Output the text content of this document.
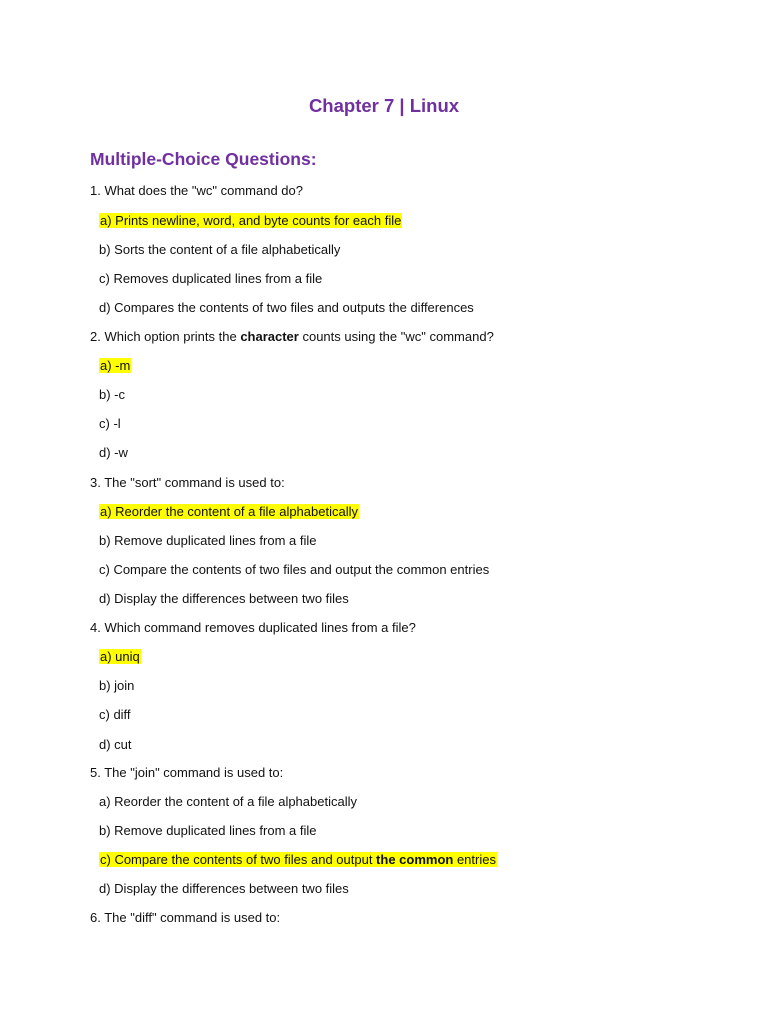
Chapter 7 | Linux
Multiple-Choice Questions:
1. What does the "wc" command do?
a) Prints newline, word, and byte counts for each file
b) Sorts the content of a file alphabetically
c) Removes duplicated lines from a file
d) Compares the contents of two files and outputs the differences
2. Which option prints the character counts using the "wc" command?
a) -m
b) -c
c) -l
d) -w
3. The "sort" command is used to:
a) Reorder the content of a file alphabetically
b) Remove duplicated lines from a file
c) Compare the contents of two files and output the common entries
d) Display the differences between two files
4. Which command removes duplicated lines from a file?
a) uniq
b) join
c) diff
d) cut
5. The "join" command is used to:
a) Reorder the content of a file alphabetically
b) Remove duplicated lines from a file
c) Compare the contents of two files and output the common entries
d) Display the differences between two files
6. The "diff" command is used to:
